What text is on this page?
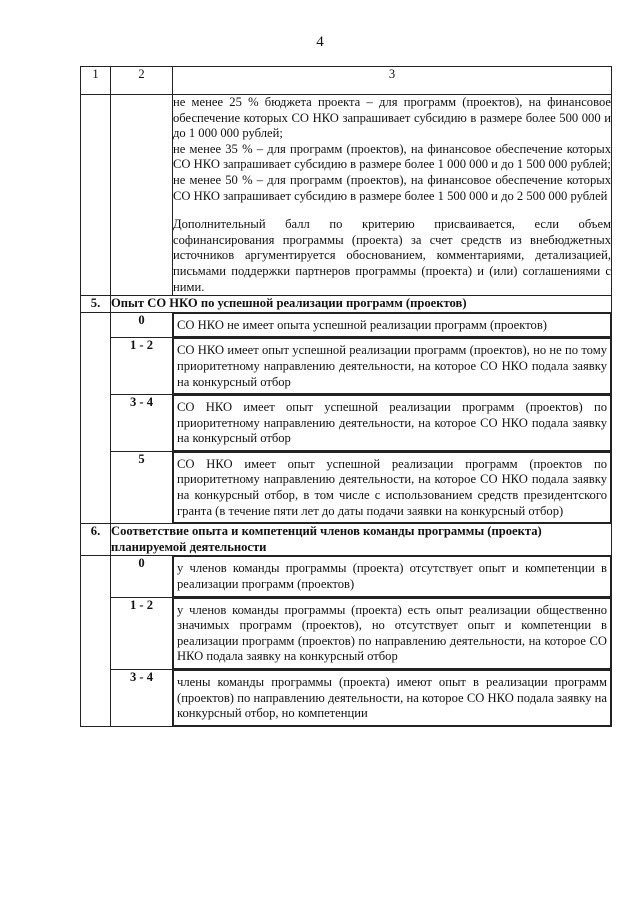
4
1	2	3

		не менее 25 % бюджета проекта – для программ (проектов), на финансовое обеспечение которых СО НКО запрашивает субсидию в размере более 500 000 и до 1 000 000 рублей;

не менее 35 % – для программ (проектов), на финансовое обеспечение которых СО НКО запрашивает субсидию в размере более 1 000 000 и до 1 500 000 рублей;

не менее 50 % – для программ (проектов), на финансовое обеспечение которых СО НКО запрашивает субсидию в размере более 1 500 000 и до 2 500 000 рублей

Дополнительный балл по критерию присваивается, если объем софинансирования программы (проекта) за счет средств из внебюджетных источников аргументируется обоснованием, комментариями, детализацией, письмами поддержки партнеров программы (проекта) и (или) соглашениями с ними.

5.	Опыт СО НКО по успешной реализации программ (проектов)	
	0	СО НКО не имеет опыта успешной реализации программ (проектов)

	1 - 2	СО НКО имеет опыт успешной реализации программ (проектов), но не по тому приоритетному направлению деятельности, на которое СО НКО подала заявку на конкурсный отбор

	3 - 4	СО НКО имеет опыт успешной реализации программ (проектов) по приоритетному направлению деятельности, на которое СО НКО подала заявку на конкурсный отбор

	5	СО НКО имеет опыт успешной реализации программ (проектов по приоритетному направлению деятельности, на которое СО НКО подала заявку на конкурсный отбор, в том числе с использованием средств президентского гранта (в течение пяти лет до даты подачи заявки на конкурсный отбор)

6.	Соответствие опыта и компетенций членов команды программы (проекта) планируемой деятельности	
	0	у членов команды программы (проекта) отсутствует опыт и компетенции в реализации программ (проектов)

	1 - 2	у членов команды программы (проекта) есть опыт реализации общественно значимых программ (проектов), но отсутствует опыт и компетенции в реализации программ (проектов) по направлению деятельности, на которое СО НКО подала заявку на конкурсный отбор

	3 - 4	члены команды программы (проекта) имеют опыт в реализации программ (проектов) по направлению деятельности, на которое СО НКО подала заявку на конкурсный отбор, но компетенции
